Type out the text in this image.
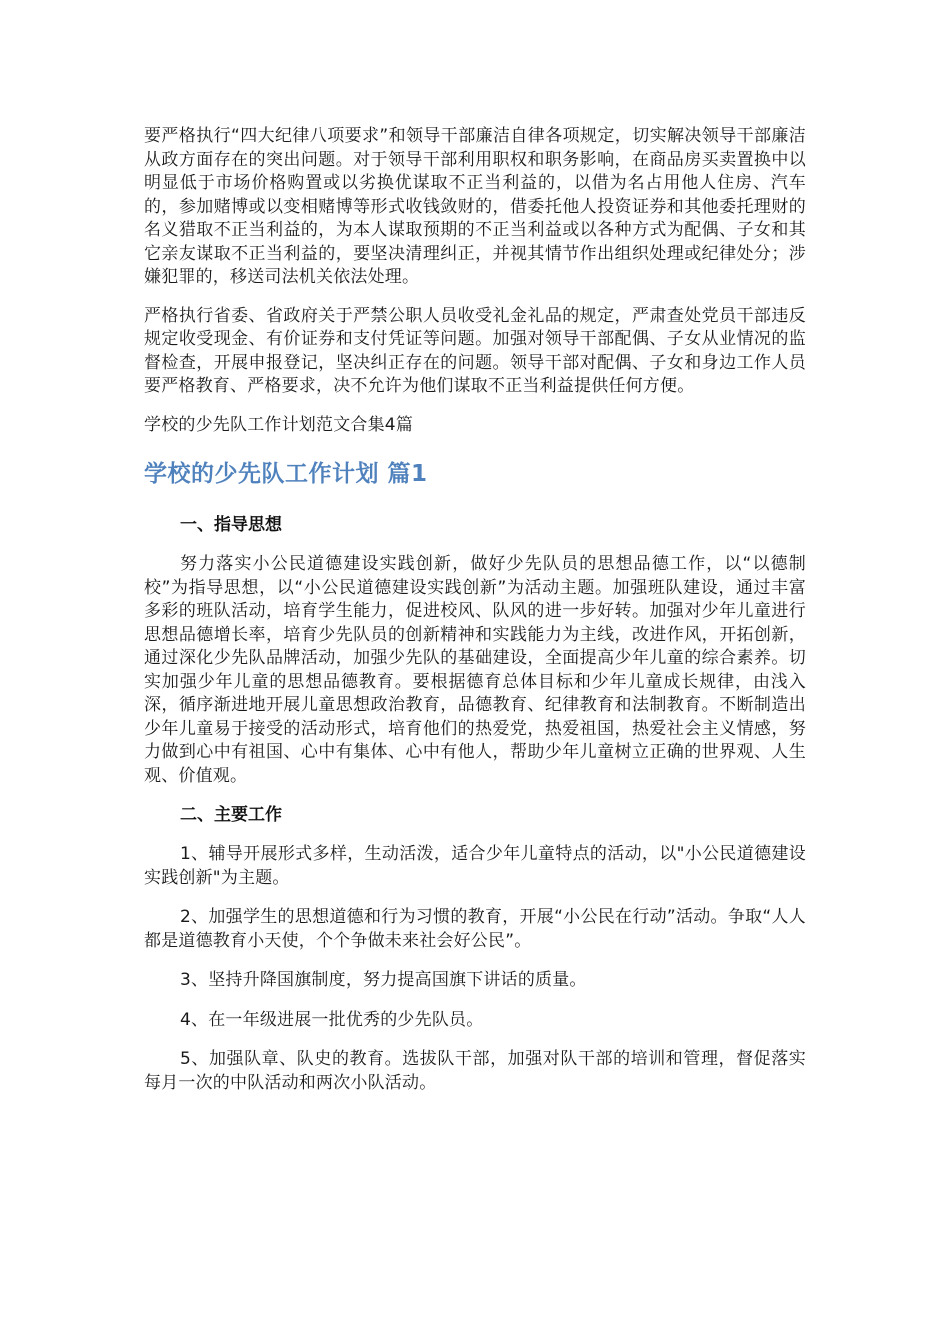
要严格执行“四大纪律八项要求”和领导干部廉洁自律各项规定，切实解决领导干部廉洁从政方面存在的突出问题。对于领导干部利用职权和职务影响，在商品房买卖置换中以明显低于市场价格购置或以劣换优谋取不正当利益的，以借为名占用他人住房、汽车的，参加赌博或以变相赌博等形式收钱敛财的，借委托他人投资证券和其他委托理财的名义猎取不正当利益的，为本人谋取预期的不正当利益或以各种方式为配偶、子女和其它亲友谋取不正当利益的，要坚决清理纠正，并视其情节作出组织处理或纪律处分；涉嫌犯罪的，移送司法机关依法处理。

严格执行省委、省政府关于严禁公职人员收受礼金礼品的规定，严肃查处党员干部违反规定收受现金、有价证券和支付凭证等问题。加强对领导干部配偶、子女从业情况的监督检查，开展申报登记，坚决纠正存在的问题。领导干部对配偶、子女和身边工作人员要严格教育、严格要求，决不允许为他们谋取不正当利益提供任何方便。

学校的少先队工作计划范文合集4篇

学校的少先队工作计划 篇1
一、指导思想

努力落实小公民道德建设实践创新，做好少先队员的思想品德工作，以“以德制校”为指导思想，以“小公民道德建设实践创新”为活动主题。加强班队建设，通过丰富多彩的班队活动，培育学生能力，促进校风、队风的进一步好转。加强对少年儿童进行思想品德增长率，培育少先队员的创新精神和实践能力为主线，改进作风，开拓创新，通过深化少先队品牌活动，加强少先队的基础建设，全面提高少年儿童的综合素养。切实加强少年儿童的思想品德教育。要根据德育总体目标和少年儿童成长规律，由浅入深，循序渐进地开展儿童思想政治教育，品德教育、纪律教育和法制教育。不断制造出少年儿童易于接受的活动形式，培育他们的热爱党，热爱祖国，热爱社会主义情感，努力做到心中有祖国、心中有集体、心中有他人，帮助少年儿童树立正确的世界观、人生观、价值观。

二、主要工作

1、辅导开展形式多样，生动活泼，适合少年儿童特点的活动，以"小公民道德建设实践创新"为主题。

2、加强学生的思想道德和行为习惯的教育，开展“小公民在行动”活动。争取“人人都是道德教育小天使，个个争做未来社会好公民”。

3、坚持升降国旗制度，努力提高国旗下讲话的质量。

4、在一年级进展一批优秀的少先队员。

5、加强队章、队史的教育。选拔队干部，加强对队干部的培训和管理，督促落实每月一次的中队活动和两次小队活动。
